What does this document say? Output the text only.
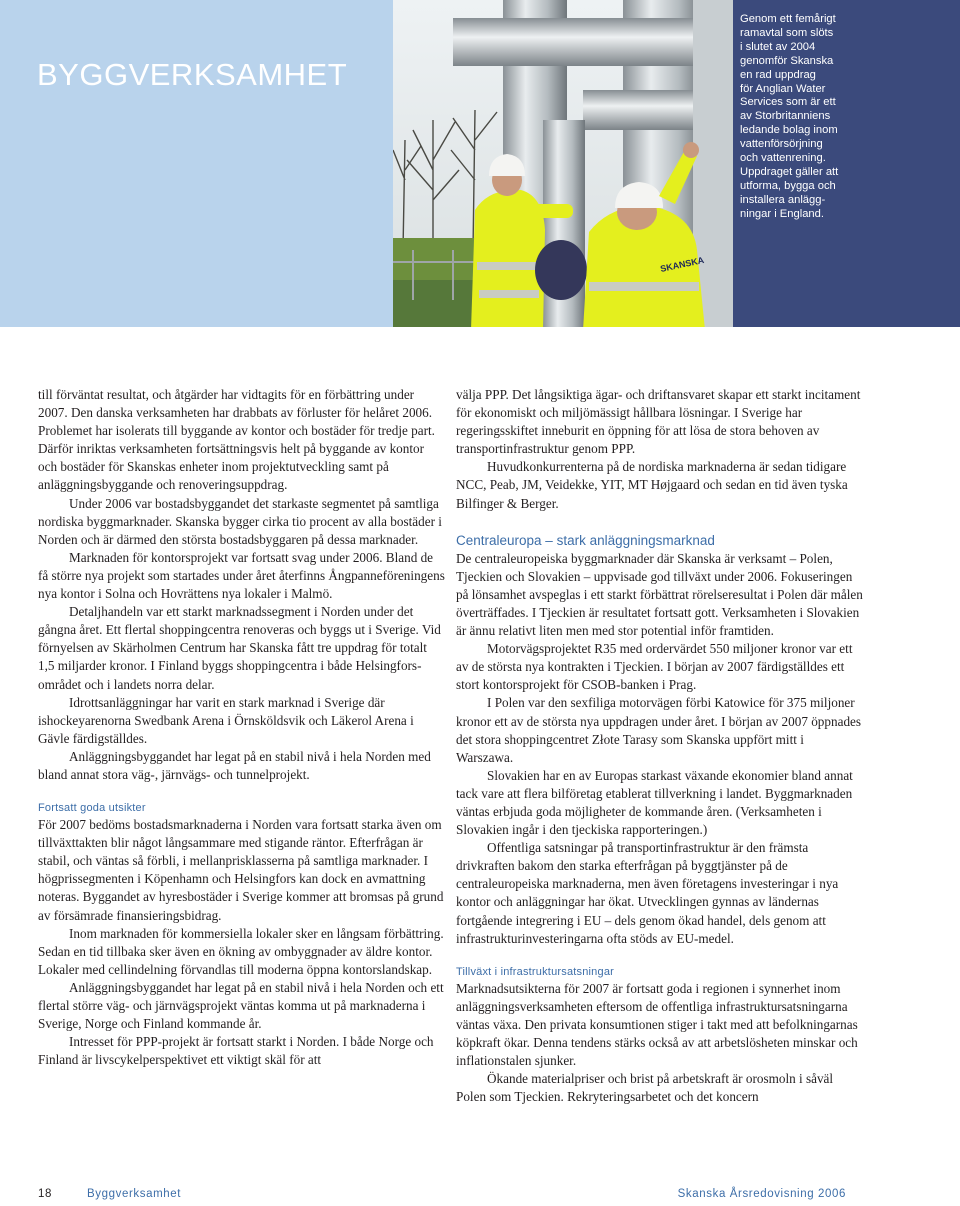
BYGGVERKSAMHET
SKANSKA

Genom ett femårigt
ramavtal som slöts
i slutet av 2004
genomför Skanska
en rad uppdrag
för Anglian Water
Services som är ett
av Storbritanniens
ledande bolag inom
vattenförsörjning
och vattenrening.
Uppdraget gäller att
utforma, bygga och
installera anlägg-
ningar i England.

till förväntat resultat, och åtgärder har vidtagits för en förbättring under 2007. Den danska verksamheten har drabbats av förluster för helåret 2006. Problemet har isolerats till byggande av kontor och bostäder för tredje part. Därför inriktas verksamheten fortsättningsvis helt på byggande av kontor och bostäder för Skanskas enheter inom projektutveckling samt på anläggningsbyggande och renoveringsuppdrag.

Under 2006 var bostadsbyggandet det starkaste segmentet på samtliga nordiska byggmarknader. Skanska bygger cirka tio procent av alla bostäder i Norden och är därmed den största bostadsbyggaren på dessa marknader.

Marknaden för kontorsprojekt var fortsatt svag under 2006. Bland de få större nya projekt som startades under året återfinns Ångpanneföreningens nya kontor i Solna och Hovrättens nya lokaler i Malmö.

Detaljhandeln var ett starkt marknadssegment i Norden under det gångna året. Ett flertal shoppingcentra renoveras och byggs ut i Sverige. Vid förnyelsen av Skärholmen Centrum har Skanska fått tre uppdrag för totalt 1,5 miljarder kronor. I Finland byggs shoppingcentra i både Helsingfors-området och i landets norra delar.

Idrottsanläggningar har varit en stark marknad i Sverige där ishockeyarenorna Swedbank Arena i Örnsköldsvik och Läkerol Arena i Gävle färdigställdes.

Anläggningsbyggandet har legat på en stabil nivå i hela Norden med bland annat stora väg-, järnvägs- och tunnelprojekt.

Fortsatt goda utsikter

För 2007 bedöms bostadsmarknaderna i Norden vara fortsatt starka även om tillväxttakten blir något långsammare med stigande räntor. Efterfrågan är stabil, och väntas så förbli, i mellanprisklasserna på samtliga marknader. I högprissegmenten i Köpenhamn och Helsingfors kan dock en avmattning noteras. Byggandet av hyresbostäder i Sverige kommer att bromsas på grund av försämrade finansieringsbidrag.

Inom marknaden för kommersiella lokaler sker en långsam förbättring. Sedan en tid tillbaka sker även en ökning av ombyggnader av äldre kontor. Lokaler med cellindelning förvandlas till moderna öppna kontorslandskap.

Anläggningsbyggandet har legat på en stabil nivå i hela Norden och ett flertal större väg- och järnvägsprojekt väntas komma ut på marknaderna i Sverige, Norge och Finland kommande år.

Intresset för PPP-projekt är fortsatt starkt i Norden. I både Norge och Finland är livscykelperspektivet ett viktigt skäl för att

välja PPP. Det långsiktiga ägar- och driftansvaret skapar ett starkt incitament för ekonomiskt och miljömässigt hållbara lösningar. I Sverige har regeringsskiftet inneburit en öppning för att lösa de stora behoven av transportinfrastruktur genom PPP.

Huvudkonkurrenterna på de nordiska marknaderna är sedan tidigare NCC, Peab, JM, Veidekke, YIT, MT Højgaard och sedan en tid även tyska Bilfinger & Berger.

Centraleuropa – stark anläggningsmarknad

De centraleuropeiska byggmarknader där Skanska är verksamt – Polen, Tjeckien och Slovakien – uppvisade god tillväxt under 2006. Fokuseringen på lönsamhet avspeglas i ett starkt förbättrat rörelseresultat i Polen där målen överträffades. I Tjeckien är resultatet fortsatt gott. Verksamheten i Slovakien är ännu relativt liten men med stor potential inför framtiden.

Motorvägsprojektet R35 med ordervärdet 550 miljoner kronor var ett av de största nya kontrakten i Tjeckien. I början av 2007 färdigställdes ett stort kontorsprojekt för CSOB-banken i Prag.

I Polen var den sexfiliga motorvägen förbi Katowice för 375 miljoner kronor ett av de största nya uppdragen under året. I början av 2007 öppnades det stora shoppingcentret Złote Tarasy som Skanska uppfört mitt i Warszawa.

Slovakien har en av Europas starkast växande ekonomier bland annat tack vare att flera bilföretag etablerat tillverkning i landet. Byggmarknaden väntas erbjuda goda möjligheter de kommande åren. (Verksamheten i Slovakien ingår i den tjeckiska rapporteringen.)

Offentliga satsningar på transportinfrastruktur är den främsta drivkraften bakom den starka efterfrågan på byggtjänster på de centraleuropeiska marknaderna, men även företagens investeringar i nya kontor och anläggningar har ökat. Utvecklingen gynnas av ländernas fortgående integrering i EU – dels genom ökad handel, dels genom att infrastrukturinvesteringarna ofta stöds av EU-medel.

Tillväxt i infrastruktursatsningar

Marknadsutsikterna för 2007 är fortsatt goda i regionen i synnerhet inom anläggningsverksamheten eftersom de offentliga infrastruktursatsningarna väntas växa. Den privata konsumtionen stiger i takt med att befolkningarnas köpkraft ökar. Denna tendens stärks också av att arbetslösheten minskar och inflationstalen sjunker.

Ökande materialpriser och brist på arbetskraft är orosmoln i såväl Polen som Tjeckien. Rekryteringsarbetet och det koncern

18	Byggverksamhet	Skanska Årsredovisning 2006
